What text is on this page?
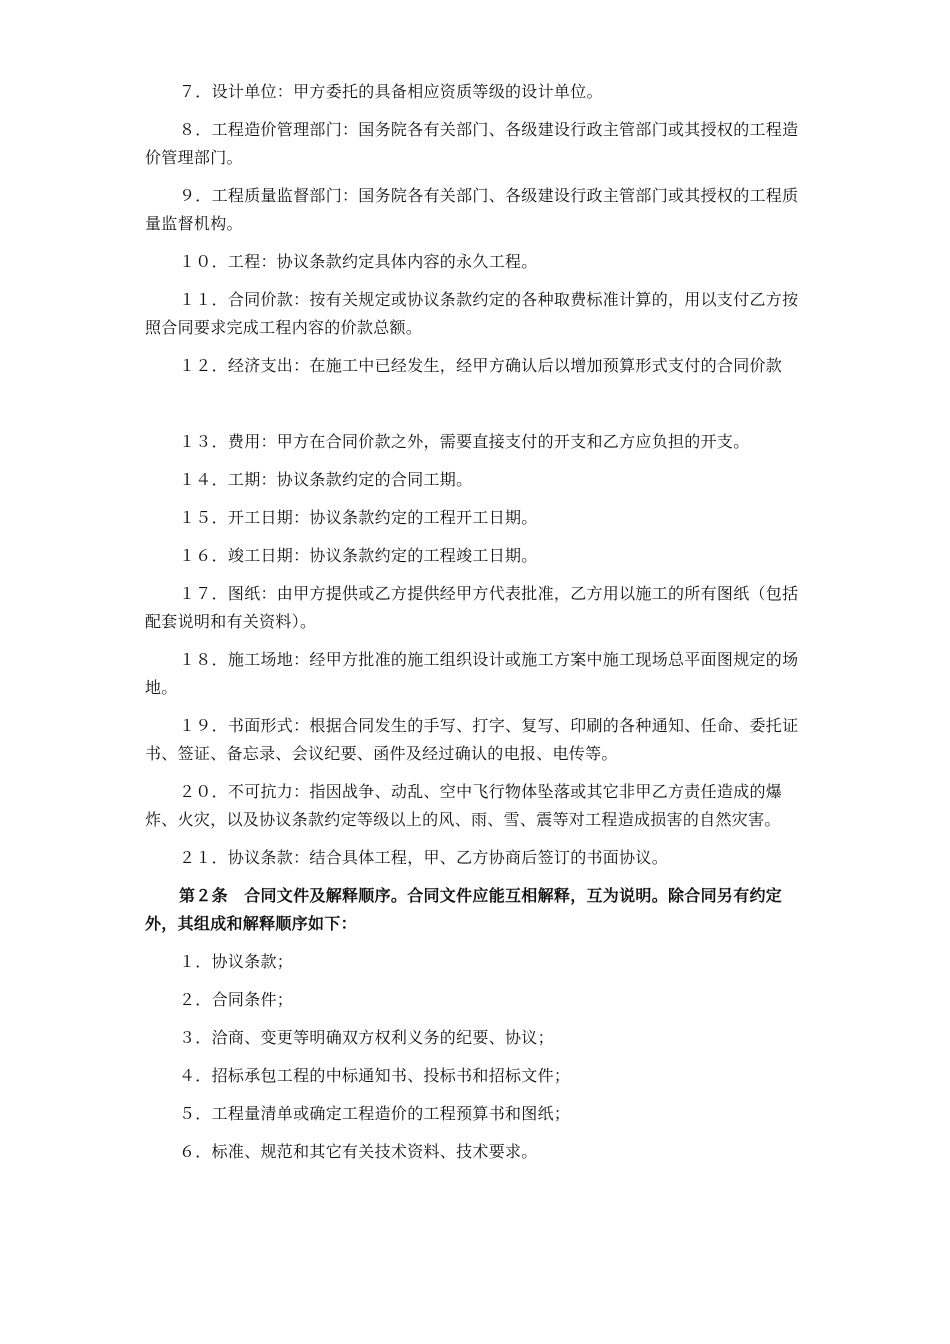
７．设计单位：甲方委托的具备相应资质等级的设计单位。

８．工程造价管理部门：国务院各有关部门、各级建设行政主管部门或其授权的工程造价管理部门。

９．工程质量监督部门：国务院各有关部门、各级建设行政主管部门或其授权的工程质量监督机构。

１０．工程：协议条款约定具体内容的永久工程。

１１．合同价款：按有关规定或协议条款约定的各种取费标准计算的，用以支付乙方按照合同要求完成工程内容的价款总额。

１２．经济支出：在施工中已经发生，经甲方确认后以增加预算形式支付的合同价款

１３．费用：甲方在合同价款之外，需要直接支付的开支和乙方应负担的开支。

１４．工期：协议条款约定的合同工期。

１５．开工日期：协议条款约定的工程开工日期。

１６．竣工日期：协议条款约定的工程竣工日期。

１７．图纸：由甲方提供或乙方提供经甲方代表批准，乙方用以施工的所有图纸（包括配套说明和有关资料）。

１８．施工场地：经甲方批准的施工组织设计或施工方案中施工现场总平面图规定的场地。

１９．书面形式：根据合同发生的手写、打字、复写、印刷的各种通知、任命、委托证书、签证、备忘录、会议纪要、函件及经过确认的电报、电传等。

２０．不可抗力：指因战争、动乱、空中飞行物体坠落或其它非甲乙方责任造成的爆炸、火灾，以及协议条款约定等级以上的风、雨、雪、震等对工程造成损害的自然灾害。

２１．协议条款：结合具体工程，甲、乙方协商后签订的书面协议。

第２条　合同文件及解释顺序。合同文件应能互相解释，互为说明。除合同另有约定外，其组成和解释顺序如下：

１．协议条款；

２．合同条件；

３．洽商、变更等明确双方权利义务的纪要、协议；

４．招标承包工程的中标通知书、投标书和招标文件；

５．工程量清单或确定工程造价的工程预算书和图纸；

６．标准、规范和其它有关技术资料、技术要求。
